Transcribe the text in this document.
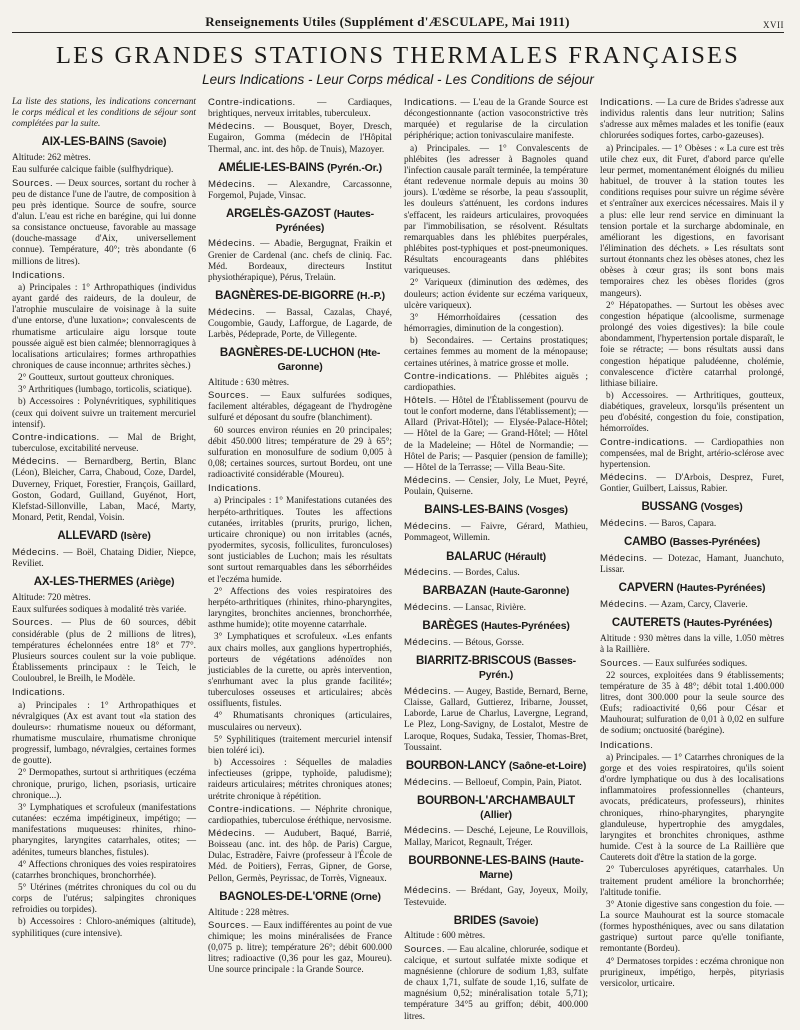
Renseignements Utiles (Supplément d'ÆSCULAPE, Mai 1911)	XVII
LES GRANDES STATIONS THERMALES FRANÇAISES
Leurs Indications - Leur Corps médical - Les Conditions de séjour

La liste des stations, les indications concernant le corps médical et les conditions de séjour sont complétées par la suite.

AIX-LES-BAINS (Savoie)

Altitude: 262 mètres.

Eau sulfurée calcique faible (sulfhydrique).

Sources. — Deux sources, sortant du rocher à peu de distance l'une de l'autre, de composition à peu près identique. Source de soufre, source d'alun. L'eau est riche en barégine, qui lui donne sa consistance onctueuse, favorable au massage (douche-massage d'Aix, universellement connue). Température, 40°; très abondante (6 millions de litres).

Indications.

a) Principales : 1° Arthropathiques (individus ayant gardé des raideurs, de la douleur, de l'atrophie musculaire de voisinage à la suite d'une entorse, d'une luxation»; convalescents de rhumatisme articulaire aigu lorsque toute poussée aiguë est bien calmée; blennorragiques à localisations articulaires; formes arthropathies chroniques de cause inconnue; arthrites sèches.)

2° Goutteux, surtout goutteux chroniques.

3° Arthritiques (lumbago, torticolis, sciatique).

b) Accessoires : Polynévritiques, syphilitiques (ceux qui doivent suivre un traitement mercuriel intensif).

Contre-indications. — Mal de Bright, tuberculose, excitabilité nerveuse.

Médecins. — Bernardberg, Bertin, Blanc (Léon), Bleicher, Carra, Chaboud, Coze, Dardel, Duverney, Friquet, Forestier, François, Gaillard, Goston, Godard, Guilland, Guyénot, Hort, Klefstad-Sillonville, Laban, Macé, Marty, Monard, Petit, Rendal, Voisin.

ALLEVARD (Isère)

Médecins. — Boël, Chataing Didier, Niepce, Reviliet.

AX-LES-THERMES (Ariège)

Altitude: 720 mètres.

Eaux sulfurées sodiques à modalité très variée.

Sources. — Plus de 60 sources, débit considérable (plus de 2 millions de litres), températures échelonnées entre 18° et 77°. Plusieurs sources coulent sur la voie publique. Établissements principaux : le Teich, le Couloubrel, le Breilh, le Modèle.

Indications.

a) Principales : 1° Arthropathiques et névralgiques (Ax est avant tout «la station des douleurs»: rhumatisme noueux ou déformant, rhumatisme musculaire, rhumatisme chronique progressif, lumbago, névralgies, certaines formes de goutte).

2° Dermopathes, surtout si arthritiques (eczéma chronique, prurigo, lichen, psoriasis, urticaire chronique...).

3° Lymphatiques et scrofuleux (manifestations cutanées: eczéma impétigineux, impétigo; — manifestations muqueuses: rhinites, rhino-pharyngites, laryngites catarrhales, otites; — adénites, tumeurs blanches, fistules).

4° Affections chroniques des voies respiratoires (catarrhes bronchiques, bronchorrhée).

5° Utérines (métrites chroniques du col ou du corps de l'utérus; salpingites chroniques refroidies ou torpides).

b) Accessoires : Chloro-anémiques (altitude), syphilitiques (cure intensive).

Contre-indications. — Cardiaques, brightiques, nerveux irritables, tuberculeux.

Médecins. — Bousquet, Boyer, Dresch, Eugairon, Gomma (médecin de l'Hôpital Thermal, anc. int. des hôp. de Tnuis), Mazoyer.

AMÉLIE-LES-BAINS (Pyrén.-Or.)

Médecins. — Alexandre, Carcassonne, Forgemol, Pujade, Vinsac.

ARGELÈS-GAZOST (Hautes-Pyrénées)

Médecins. — Abadie, Bergugnat, Fraikin et Grenier de Cardenal (anc. chefs de cliniq. Fac. Méd. Bordeaux, directeurs Institut physiothérapique), Pérus, Trelaün.

BAGNÈRES-DE-BIGORRE (H.-P.)

Médecins. — Bassal, Cazalas, Chayé, Cougombie, Gaudy, Lafforgue, de Lagarde, de Larbès, Pédeprade, Porte, de Villegente.

BAGNÈRES-DE-LUCHON (Hte-Garonne)

Altitude : 630 mètres.

Sources. — Eaux sulfurées sodiques, facilement altérables, dégageant de l'hydrogène sulfuré et déposant du soufre (blanchiment).

60 sources environ réunies en 20 principales; débit 450.000 litres; température de 29 à 65°; sulfuration en monosulfure de sodium 0,005 à 0,08; certaines sources, surtout Bordeu, ont une radioactivité considérable (Moureu).

Indications.

a) Principales : 1° Manifestations cutanées des herpéto-arthritiques. Toutes les affections cutanées, irritables (prurits, prurigo, lichen, urticaire chronique) ou non irritables (acnés, pyodermites, sycosis, folliculites, furonculoses) sont justiciables de Luchon; mais les résultats sont surtout remarquables dans les séborrhéides et l'eczéma humide.

2° Affections des voies respiratoires des herpéto-arthritiques (rhinites, rhino-pharyngites, laryngites, bronchites anciennes, bronchorrhée, asthme humide); otite moyenne catarrhale.

3° Lymphatiques et scrofuleux. «Les enfants aux chairs molles, aux ganglions hypertrophiés, porteurs de végétations adénoïdes non justiciables de la curette, ou après intervention, s'enrhumant avec la plus grande facilité»; tuberculoses osseuses et articulaires; abcès ossifluents, fistules.

4° Rhumatisants chroniques (articulaires, musculaires ou nerveux).

5° Syphilitiques (traitement mercuriel intensif bien toléré ici).

b) Accessoires : Séquelles de maladies infectieuses (grippe, typhoïde, paludisme); raideurs articulaires; métrites chroniques atones; urétrite chronique à répétition.

Contre-indications. — Néphrite chronique, cardiopathies, tuberculose éréthique, nervosisme.

Médecins. — Audubert, Baqué, Barrié, Boisseau (anc. int. des hôp. de Paris) Cargue, Dulac, Estradère, Faivre (professeur à l'École de Méd. de Poitiers), Ferras, Gipner, de Gorse, Pellon, Germès, Peyrissac, de Torrès, Vigneaux.

BAGNOLES-DE-L'ORNE (Orne)

Altitude : 228 mètres.

Sources. — Eaux indifférentes au point de vue chimique; les moins minéralisées de France (0,075 p. litre); température 26°; débit 600.000 litres; radioactive (0,36 pour les gaz, Moureu). Une source principale : la Grande Source.

Indications. — L'eau de la Grande Source est décongestionnante (action vasoconstrictive très marquée) et regularise de la circulation périphérique; action tonivasculaire manifeste.

a) Principales. — 1° Convalescents de phlébites (les adresser à Bagnoles quand l'infection causale paraît terminée, la température étant redevenue normale depuis au moins 30 jours). L'œdème se résorbe, la peau s'assouplit, les douleurs s'atténuent, les cordons indures s'effacent, les raideurs articulaires, provoquées par l'immobilisation, se résolvent. Résultats remarquables dans les phlébites puerpérales, phlébites post-typhiques et post-pneumoniques. Résultats encourageants dans phlébites variqueuses.

2° Variqueux (diminution des œdèmes, des douleurs; action évidente sur eczéma variqueux, ulcère variqueux).

3° Hémorrhoïdaires (cessation des hémorragies, diminution de la congestion).

b) Secondaires. — Certains prostatiques; certaines femmes au moment de la ménopause; certaines utérines, à matrice grosse et molle.

Contre-indications. — Phlébites aiguës ; cardiopathies.

Hôtels. — Hôtel de l'Établissement (pourvu de tout le confort moderne, dans l'établissement); — Allard (Privat-Hôtel); — Elysée-Palace-Hôtel; — Hôtel de la Gare; — Grand-Hôtel; — Hôtel de la Madeleine; — Hôtel de Normandie; — Hôtel de Paris; — Pasquier (pension de famille); — Hôtel de la Terrasse; — Villa Beau-Site.

Médecins. — Censier, Joly, Le Muet, Peyré, Poulain, Quiserne.

BAINS-LES-BAINS (Vosges)

Médecins. — Faivre, Gérard, Mathieu, Pommageot, Willemin.

BALARUC (Hérault)

Médecins. — Bordes, Calus.

BARBAZAN (Haute-Garonne)

Médecins. — Lansac, Rivière.

BARÈGES (Hautes-Pyrénées)

Médecins. — Bétous, Gorsse.

BIARRITZ-BRISCOUS (Basses-Pyrén.)

Médecins. — Augey, Bastide, Bernard, Berne, Claisse, Gallard, Guttierez, Iribarne, Jousset, Laborde, Larue de Charlus, Lavergne, Legrand, Le Plez, Long-Savigny, de Lostalot, Mestre de Laroque, Roques, Sudaka, Tessier, Thomas-Bret, Toussaint.

BOURBON-LANCY (Saône-et-Loire)

Médecins. — Belloeuf, Compin, Pain, Piatot.

BOURBON-L'ARCHAMBAULT (Allier)

Médecins. — Desché, Lejeune, Le Rouvillois, Mallay, Maricot, Regnault, Tréger.

BOURBONNE-LES-BAINS (Haute-Marne)

Médecins. — Brédant, Gay, Joyeux, Moily, Testevuide.

BRIDES (Savoie)

Altitude : 600 mètres.

Sources. — Eau alcaline, chlorurée, sodique et calcique, et surtout sulfatée mixte sodique et magnésienne (chlorure de sodium 1,83, sulfate de chaux 1,71, sulfate de soude 1,16, sulfate de magnésium 0,52; minéralisation totale 5,71); température 34°5 au griffon; débit, 400.000 litres.

Indications. — La cure de Brides s'adresse aux individus ralentis dans leur nutrition; Salins s'adresse aux mêmes malades et les tonifie (eaux chlorurées sodiques fortes, carbo-gazeuses).

a) Principales. — 1° Obèses : « La cure est très utile chez eux, dit Furet, d'abord parce qu'elle leur permet, momentanément éloignés du milieu habituel, de trouver à la station toutes les conditions requises pour suivre un régime sévère et s'entraîner aux exercices nécessaires. Mais il y a plus: elle leur rend service en diminuant la tension portale et la surcharge abdominale, en améliorant les digestions, en favorisant l'élimination des déchets. » Les résultats sont surtout étonnants chez les obèses atones, chez les obèses à cœur gras; ils sont bons mais temporaires chez les obèses florides (gros mangeurs).

2° Hépatopathes. — Surtout les obèses avec congestion hépatique (alcoolisme, surmenage prolongé des voies digestives): la bile coule abondamment, l'hypertension portale disparaît, le foie se rétracte; — bons résultats aussi dans congestion hépatique paludéenne, cholémie, convalescence d'ictère catarrhal prolongé, lithiase biliaire.

b) Accessoires. — Arthritiques, goutteux, diabétiques, graveleux, lorsqu'ils présentent un peu d'obésité, congestion du foie, constipation, hémorroïdes.

Contre-indications. — Cardiopathies non compensées, mal de Bright, artério-sclérose avec hypertension.

Médecins. — D'Arbois, Desprez, Furet, Gontier, Guilbert, Laissus, Rabier.

BUSSANG (Vosges)

Médecins. — Baros, Capara.

CAMBO (Basses-Pyrénées)

Médecins. — Dotezac, Hamant, Juanchuto, Lissar.

CAPVERN (Hautes-Pyrénées)

Médecins. — Azam, Carcy, Claverie.

CAUTERETS (Hautes-Pyrénées)

Altitude : 930 mètres dans la ville, 1.050 mètres à la Raillière.

Sources. — Eaux sulfurées sodiques.

22 sources, exploitées dans 9 établissements; température de 35 à 48°; débit total 1.400.000 litres, dont 300.000 pour la seule source des Œufs; radioactivité 0,66 pour César et Mauhourat; sulfuration de 0,01 à 0,02 en sulfure de sodium; onctuosité (barégine).

Indications.

a) Principales. — 1° Catarrhes chroniques de la gorge et des voies respiratoires, qu'ils soient d'ordre lymphatique ou dus à des localisations inflammatoires professionnelles (chanteurs, avocats, prédicateurs, professeurs), rhinites chroniques, rhino-pharyngites, pharyngite glanduleuse, hypertrophie des amygdales, laryngites et bronchites chroniques, asthme humide. C'est à la source de La Raillière que Cauterets doit d'être la station de la gorge.

2° Tuberculoses apyrétiques, catarrhales. Un traitement prudent améliore la bronchorrhée; l'altitude tonifie.

3° Atonie digestive sans congestion du foie. — La source Mauhourat est la source stomacale (formes hyposthéniques, avec ou sans dilatation gastrique) surtout parce qu'elle tonifiante, remontante (Bordeu).

4° Dermatoses torpides : eczéma chronique non prurigineux, impétigo, herpès, pityriasis versicolor, urticaire.
